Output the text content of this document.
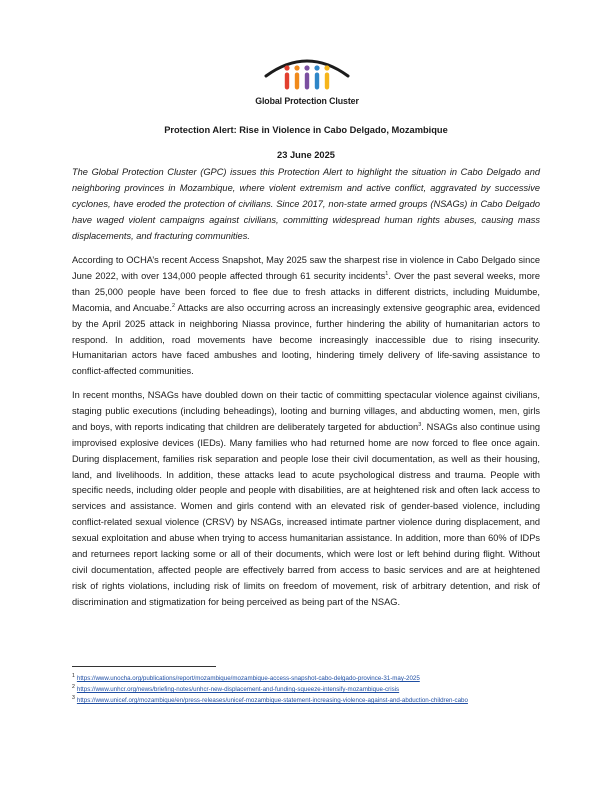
Global Protection Cluster
Protection Alert: Rise in Violence in Cabo Delgado, Mozambique
23 June 2025

The Global Protection Cluster (GPC) issues this Protection Alert to highlight the situation in Cabo Delgado and neighboring provinces in Mozambique, where violent extremism and active conflict, aggravated by successive cyclones, have eroded the protection of civilians. Since 2017, non-state armed groups (NSAGs) in Cabo Delgado have waged violent campaigns against civilians, committing widespread human rights abuses, causing mass displacements, and fracturing communities.

According to OCHA’s recent Access Snapshot, May 2025 saw the sharpest rise in violence in Cabo Delgado since June 2022, with over 134,000 people affected through 61 security incidents$^1$. Over the past several weeks, more than 25,000 people have been forced to flee due to fresh attacks in different districts, including Muidumbe, Macomia, and Ancuabe.$^2$ Attacks are also occurring across an increasingly extensive geographic area, evidenced by the April 2025 attack in neighboring Niassa province, further hindering the ability of humanitarian actors to respond. In addition, road movements have become increasingly inaccessible due to rising insecurity. Humanitarian actors have faced ambushes and looting, hindering timely delivery of life-saving assistance to conflict-affected communities.

In recent months, NSAGs have doubled down on their tactic of committing spectacular violence against civilians, staging public executions (including beheadings), looting and burning villages, and abducting women, men, girls and boys, with reports indicating that children are deliberately targeted for abduction$^3$. NSAGs also continue using improvised explosive devices (IEDs). Many families who had returned home are now forced to flee once again. During displacement, families risk separation and people lose their civil documentation, as well as their housing, land, and livelihoods. In addition, these attacks lead to acute psychological distress and trauma. People with specific needs, including older people and people with disabilities, are at heightened risk and often lack access to services and assistance. Women and girls contend with an elevated risk of gender-based violence, including conflict-related sexual violence (CRSV) by NSAGs, increased intimate partner violence during displacement, and sexual exploitation and abuse when trying to access humanitarian assistance. In addition, more than 60% of IDPs and returnees report lacking some or all of their documents, which were lost or left behind during flight. Without civil documentation, affected people are effectively barred from access to basic services and are at heightened risk of rights violations, including risk of limits on freedom of movement, risk of arbitrary detention, and risk of discrimination and stigmatization for being perceived as being part of the NSAG.

$^1$ https://www.unocha.org/publications/report/mozambique/mozambique-access-snapshot-cabo-delgado-province-31-may-2025

$^2$ https://www.unhcr.org/news/briefing-notes/unhcr-new-displacement-and-funding-squeeze-intensify-mozambique-crisis

$^3$ https://www.unicef.org/mozambique/en/press-releases/unicef-mozambique-statement-increasing-violence-against-and-abduction-children-cabo
